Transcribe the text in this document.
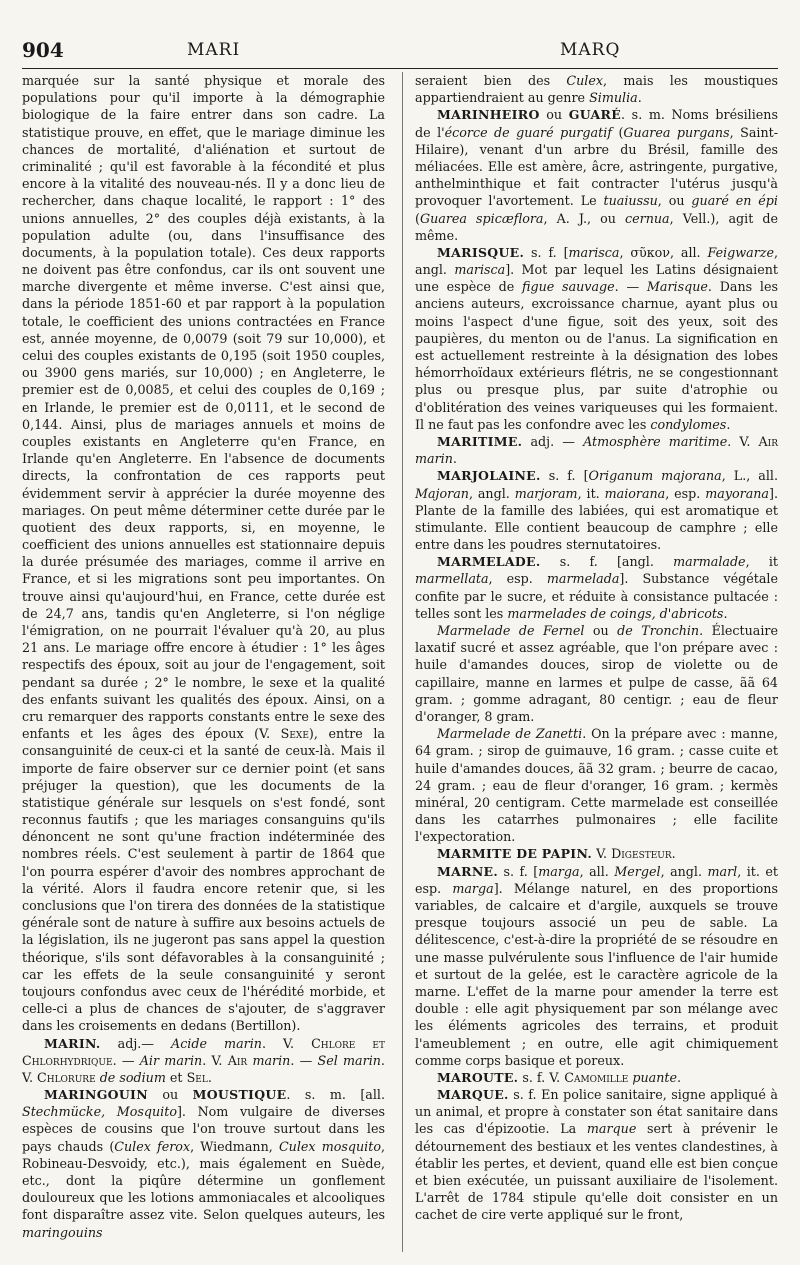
904	MARI	MARQ

marquée sur la santé physique et morale des populations pour qu'il importe à la démographie biologique de la faire entrer dans son cadre. La statistique prouve, en effet, que le mariage diminue les chances de mortalité, d'aliénation et surtout de criminalité ; qu'il est favorable à la fécondité et plus encore à la vitalité des nouveau-nés. Il y a donc lieu de rechercher, dans chaque localité, le rapport : 1° des unions annuelles, 2° des couples déjà existants, à la population adulte (ou, dans l'insuffisance des documents, à la population totale). Ces deux rapports ne doivent pas être confondus, car ils ont souvent une marche divergente et même inverse. C'est ainsi que, dans la période 1851-60 et par rapport à la population totale, le coefficient des unions contractées en France est, année moyenne, de 0,0079 (soit 79 sur 10,000), et celui des couples existants de 0,195 (soit 1950 couples, ou 3900 gens mariés, sur 10,000) ; en Angleterre, le premier est de 0,0085, et celui des couples de 0,169 ; en Irlande, le premier est de 0,0111, et le second de 0,144. Ainsi, plus de mariages annuels et moins de couples existants en Angleterre qu'en France, en Irlande qu'en Angleterre. En l'absence de documents directs, la confrontation de ces rapports peut évidemment servir à apprécier la durée moyenne des mariages. On peut même déterminer cette durée par le quotient des deux rapports, si, en moyenne, le coefficient des unions annuelles est stationnaire depuis la durée présumée des mariages, comme il arrive en France, et si les migrations sont peu importantes. On trouve ainsi qu'aujourd'hui, en France, cette durée est de 24,7 ans, tandis qu'en Angleterre, si l'on néglige l'émigration, on ne pourrait l'évaluer qu'à 20, au plus 21 ans. Le mariage offre encore à étudier : 1° les âges respectifs des époux, soit au jour de l'engagement, soit pendant sa durée ; 2° le nombre, le sexe et la qualité des enfants suivant les qualités des époux. Ainsi, on a cru remarquer des rapports constants entre le sexe des enfants et les âges des époux (V. Sexe), entre la consanguinité de ceux-ci et la santé de ceux-là. Mais il importe de faire observer sur ce dernier point (et sans préjuger la question), que les documents de la statistique générale sur lesquels on s'est fondé, sont reconnus fautifs ; que les mariages consanguins qu'ils dénoncent ne sont qu'une fraction indéterminée des nombres réels. C'est seulement à partir de 1864 que l'on pourra espérer d'avoir des nombres approchant de la vérité. Alors il faudra encore retenir que, si les conclusions que l'on tirera des données de la statistique générale sont de nature à suffire aux besoins actuels de la législation, ils ne jugeront pas sans appel la question théorique, s'ils sont défavorables à la consanguinité ; car les effets de la seule consanguinité y seront toujours confondus avec ceux de l'hérédité morbide, et celle-ci a plus de chances de s'ajouter, de s'aggraver dans les croisements en dedans (Bertillon).

MARIN. adj.— Acide marin. V. Chlore et Chlorhydrique. — Air marin. V. Air marin. — Sel marin. V. Chlorure de sodium et Sel.

MARINGOUIN ou MOUSTIQUE. s. m. [all. Stechmücke, Mosquito]. Nom vulgaire de diverses espèces de cousins que l'on trouve surtout dans les pays chauds (Culex ferox, Wiedmann, Culex mosquito, Robineau-Desvoidy, etc.), mais également en Suède, etc., dont la piqûre détermine un gonflement douloureux que les lotions ammoniacales et alcooliques font disparaître assez vite. Selon quelques auteurs, les maringouins

seraient bien des Culex, mais les moustiques appartiendraient au genre Simulia.

MARINHEIRO ou GUARÉ. s. m. Noms brésiliens de l'écorce de guaré purgatif (Guarea purgans, Saint-Hilaire), venant d'un arbre du Brésil, famille des méliacées. Elle est amère, âcre, astringente, purgative, anthelminthique et fait contracter l'utérus jusqu'à provoquer l'avortement. Le tuaiussu, ou guaré en épi (Guarea spicæflora, A. J., ou cernua, Vell.), agit de même.

MARISQUE. s. f. [marisca, σῦκον, all. Feigwarze, angl. marisca]. Mot par lequel les Latins désignaient une espèce de figue sauvage. — Marisque. Dans les anciens auteurs, excroissance charnue, ayant plus ou moins l'aspect d'une figue, soit des yeux, soit des paupières, du menton ou de l'anus. La signification en est actuellement restreinte à la désignation des lobes hémorrhoïdaux extérieurs flétris, ne se congestionnant plus ou presque plus, par suite d'atrophie ou d'oblitération des veines variqueuses qui les formaient. Il ne faut pas les confondre avec les condylomes.

MARITIME. adj. — Atmosphère maritime. V. Air marin.

MARJOLAINE. s. f. [Origanum majorana, L., all. Majoran, angl. marjoram, it. maiorana, esp. mayorana]. Plante de la famille des labiées, qui est aromatique et stimulante. Elle contient beaucoup de camphre ; elle entre dans les poudres sternutatoires.

MARMELADE. s. f. [angl. marmalade, it marmellata, esp. marmelada]. Substance végétale confite par le sucre, et réduite à consistance pultacée : telles sont les marmelades de coings, d'abricots.

Marmelade de Fernel ou de Tronchin. Électuaire laxatif sucré et assez agréable, que l'on prépare avec : huile d'amandes douces, sirop de violette ou de capillaire, manne en larmes et pulpe de casse, ãã 64 gram. ; gomme adragant, 80 centigr. ; eau de fleur d'oranger, 8 gram.

Marmelade de Zanetti. On la prépare avec : manne, 64 gram. ; sirop de guimauve, 16 gram. ; casse cuite et huile d'amandes douces, ãã 32 gram. ; beurre de cacao, 24 gram. ; eau de fleur d'oranger, 16 gram. ; kermès minéral, 20 centigram. Cette marmelade est conseillée dans les catarrhes pulmonaires ; elle facilite l'expectoration.

MARMITE DE PAPIN. V. Digesteur.

MARNE. s. f. [marga, all. Mergel, angl. marl, it. et esp. marga]. Mélange naturel, en des proportions variables, de calcaire et d'argile, auxquels se trouve presque toujours associé un peu de sable. La délitescence, c'est-à-dire la propriété de se résoudre en une masse pulvérulente sous l'influence de l'air humide et surtout de la gelée, est le caractère agricole de la marne. L'effet de la marne pour amender la terre est double : elle agit physiquement par son mélange avec les éléments agricoles des terrains, et produit l'ameublement ; en outre, elle agit chimiquement comme corps basique et poreux.

MAROUTE. s. f. V. Camomille puante.

MARQUE. s. f. En police sanitaire, signe appliqué à un animal, et propre à constater son état sanitaire dans les cas d'épizootie. La marque sert à prévenir le détournement des bestiaux et les ventes clandestines, à établir les pertes, et devient, quand elle est bien conçue et bien exécutée, un puissant auxiliaire de l'isolement. L'arrêt de 1784 stipule qu'elle doit consister en un cachet de cire verte appliqué sur le front,
